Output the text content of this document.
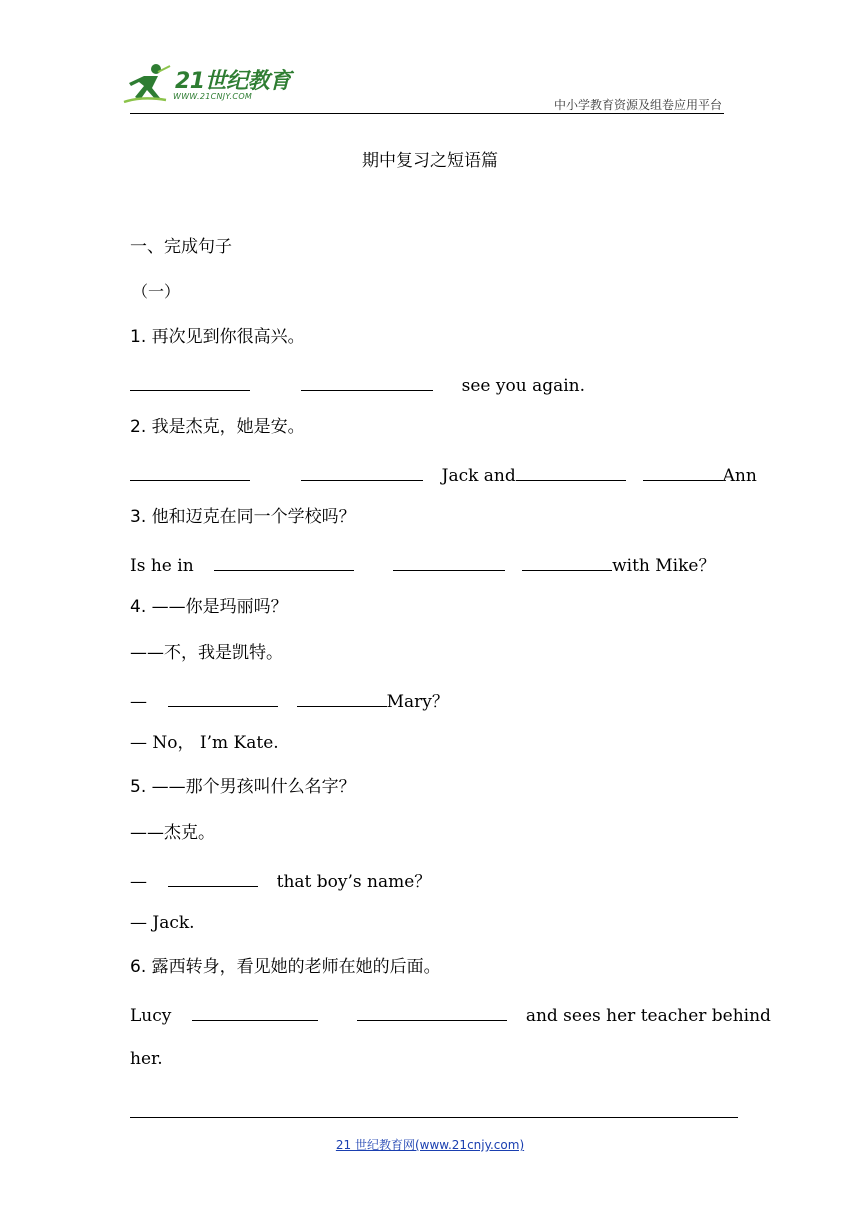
21世纪教育
WWW.21CNJY.COM
中小学教育资源及组卷应用平台
期中复习之短语篇
一、完成句子
（一）
1. 再次见到你很高兴。
see you again.
2. 我是杰克，她是安。
Jack and	Ann
3. 他和迈克在同一个学校吗？
Is he in	with Mike？
4. ——你是玛丽吗？
——不，我是凯特。
—	Mary？
— No， I’m Kate.
5. ——那个男孩叫什么名字？
——杰克。
—	that boy’s name？
— Jack.
6. 露西转身，看见她的老师在她的后面。
Lucy	and sees her teacher behind
her.
21 世纪教育网(www.21cnjy.com)
